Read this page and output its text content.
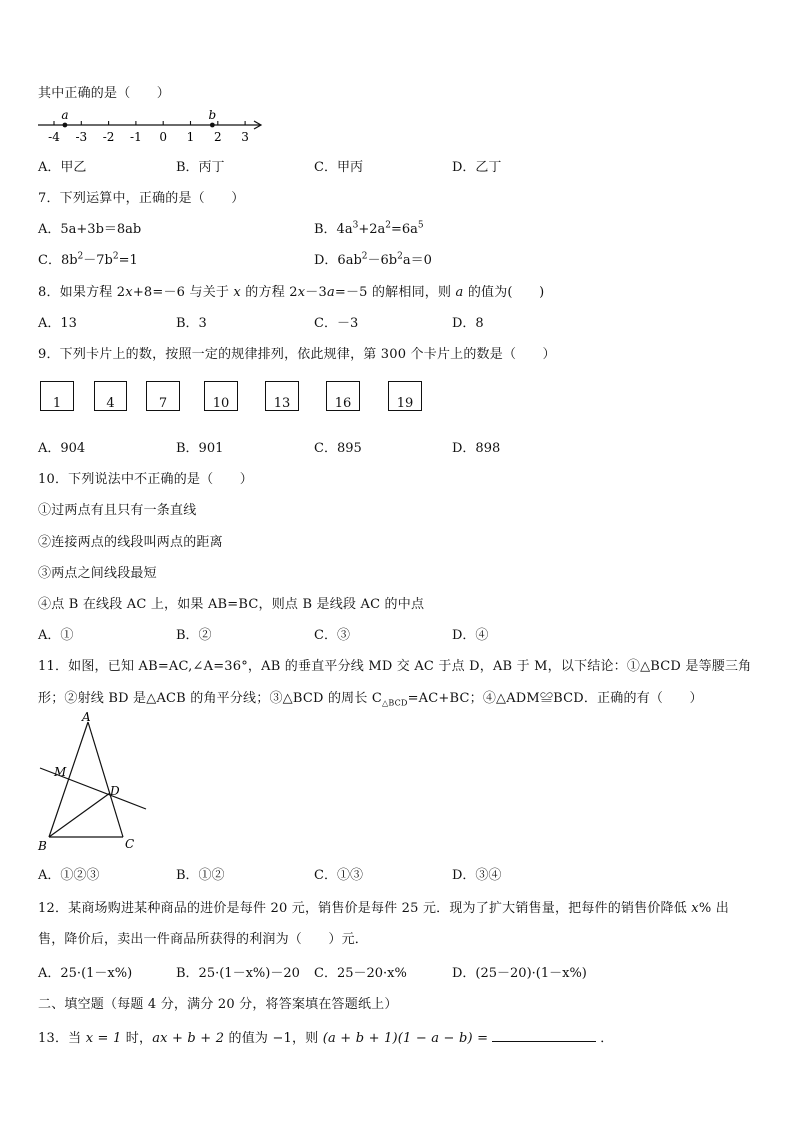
其中正确的是（　　）
-4 -3 -2 -1 0 1 2 3
a	b
A．甲乙	B．丙丁	C．甲丙	D．乙丁
7．下列运算中，正确的是（　　）
A．5a+3b＝8ab	B．$4a^3+2a^2=6a^5$
C．$8b^2-7b^2=1$	D．$6ab^2-6b^2a=0$
8．如果方程 2x+8=－6 与关于 x 的方程 2x－3a=－5 的解相同，则 a 的值为(　　)
A．13	B．3	C．－3	D．8
9．下列卡片上的数，按照一定的规律排列，依此规律，第 300 个卡片上的数是（　　）
1	4	7	10	13	16	19
A．904	B．901	C．895	D．898
10．下列说法中不正确的是（　　）
①过两点有且只有一条直线
②连接两点的线段叫两点的距离
③两点之间线段最短
④点 B 在线段 AC 上，如果 AB=BC，则点 B 是线段 AC 的中点
A．①	B．②	C．③	D．④
11．如图，已知 AB=AC,∠A=36°，AB 的垂直平分线 MD 交 AC 于点 D，AB 于 M，以下结论：①△BCD 是等腰三角
形；②射线 BD 是△ACB 的角平分线；③△BCD 的周长 $C_{\triangle BCD}=AC+BC$；④△ADM≌BCD．正确的有（　　）
A
M
D
B	C
A．①②③	B．①②	C．①③	D．③④
12．某商场购进某种商品的进价是每件 20 元，销售价是每件 25 元．现为了扩大销售量，把每件的销售价降低 x% 出
售，降价后，卖出一件商品所获得的利润为（　　）元．
A．25·(1－x%)	B．25·(1－x%)－20 C．25－20·x%	D．(25－20)·(1－x%)
二、填空题（每题 4 分，满分 20 分，将答案填在答题纸上）
13．当 x = 1 时，ax + b + 2 的值为 −1，则 (a + b + 1)(1 − a − b) =	．
